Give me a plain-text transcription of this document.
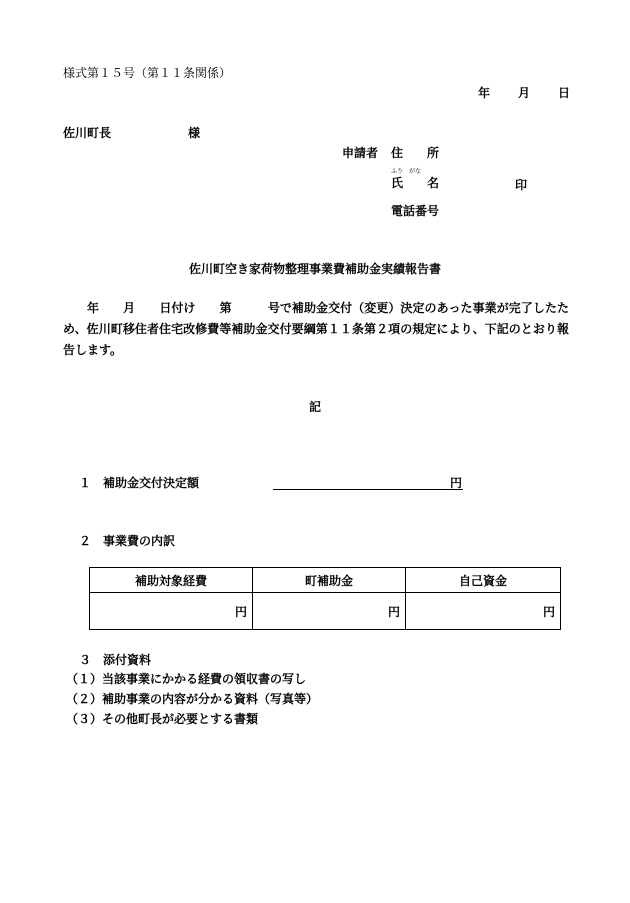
様式第１５号（第１１条関係）
年 月 日
佐川町長	様
申請者 住　　所
ふり　がな
氏　　名	印
電話番号
佐川町空き家荷物整理事業費補助金実績報告書
年　　月　　日付け　　第　　　号で補助金交付（変更）決定のあった事業が完了したため、佐川町移住者住宅改修費等補助金交付要綱第１１条第２項の規定により、下記のとおり報告します。
記
１　補助金交付決定額	円
２　事業費の内訳
補助対象経費	町補助金	自己資金
円	円	円
３　添付資料
（１）当該事業にかかる経費の領収書の写し
（２）補助事業の内容が分かる資料（写真等）
（３）その他町長が必要とする書類
